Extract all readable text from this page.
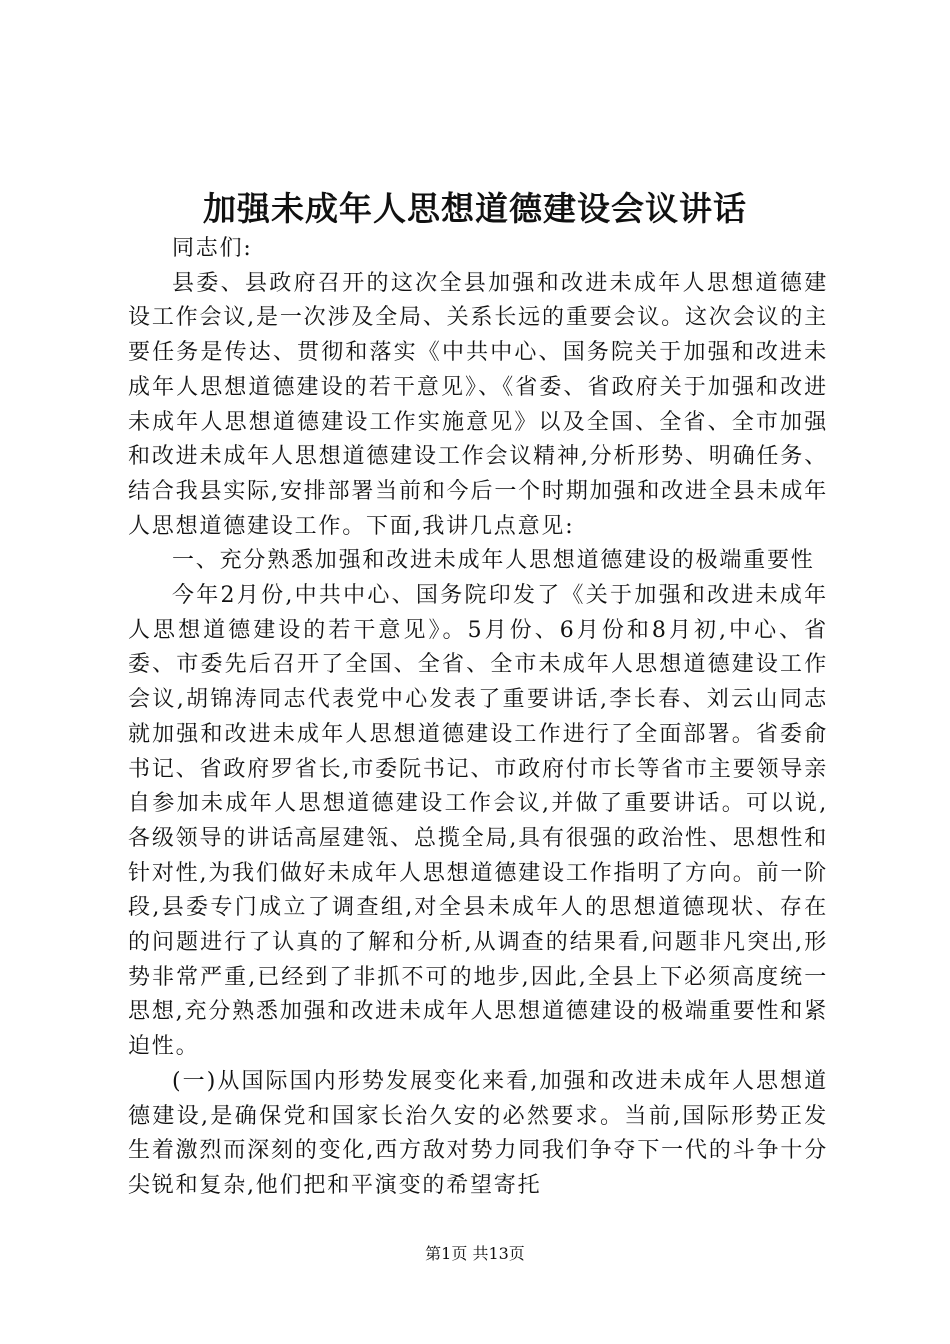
加强未成年人思想道德建设会议讲话

同志们:

县委、县政府召开的这次全县加强和改进未成年人思想道德建设工作会议,是一次涉及全局、关系长远的重要会议。这次会议的主要任务是传达、贯彻和落实《中共中心、国务院关于加强和改进未成年人思想道德建设的若干意见》、《省委、省政府关于加强和改进未成年人思想道德建设工作实施意见》以及全国、全省、全市加强和改进未成年人思想道德建设工作会议精神,分析形势、明确任务、结合我县实际,安排部署当前和今后一个时期加强和改进全县未成年人思想道德建设工作。下面,我讲几点意见:

一、充分熟悉加强和改进未成年人思想道德建设的极端重要性

今年2月份,中共中心、国务院印发了《关于加强和改进未成年人思想道德建设的若干意见》。5月份、6月份和8月初,中心、省委、市委先后召开了全国、全省、全市未成年人思想道德建设工作会议,胡锦涛同志代表党中心发表了重要讲话,李长春、刘云山同志就加强和改进未成年人思想道德建设工作进行了全面部署。省委俞书记、省政府罗省长,市委阮书记、市政府付市长等省市主要领导亲自参加未成年人思想道德建设工作会议,并做了重要讲话。可以说,各级领导的讲话高屋建瓴、总揽全局,具有很强的政治性、思想性和针对性,为我们做好未成年人思想道德建设工作指明了方向。前一阶段,县委专门成立了调查组,对全县未成年人的思想道德现状、存在的问题进行了认真的了解和分析,从调查的结果看,问题非凡突出,形势非常严重,已经到了非抓不可的地步,因此,全县上下必须高度统一思想,充分熟悉加强和改进未成年人思想道德建设的极端重要性和紧迫性。

(一)从国际国内形势发展变化来看,加强和改进未成年人思想道德建设,是确保党和国家长治久安的必然要求。当前,国际形势正发生着激烈而深刻的变化,西方敌对势力同我们争夺下一代的斗争十分尖锐和复杂,他们把和平演变的希望寄托

第1页 共13页
